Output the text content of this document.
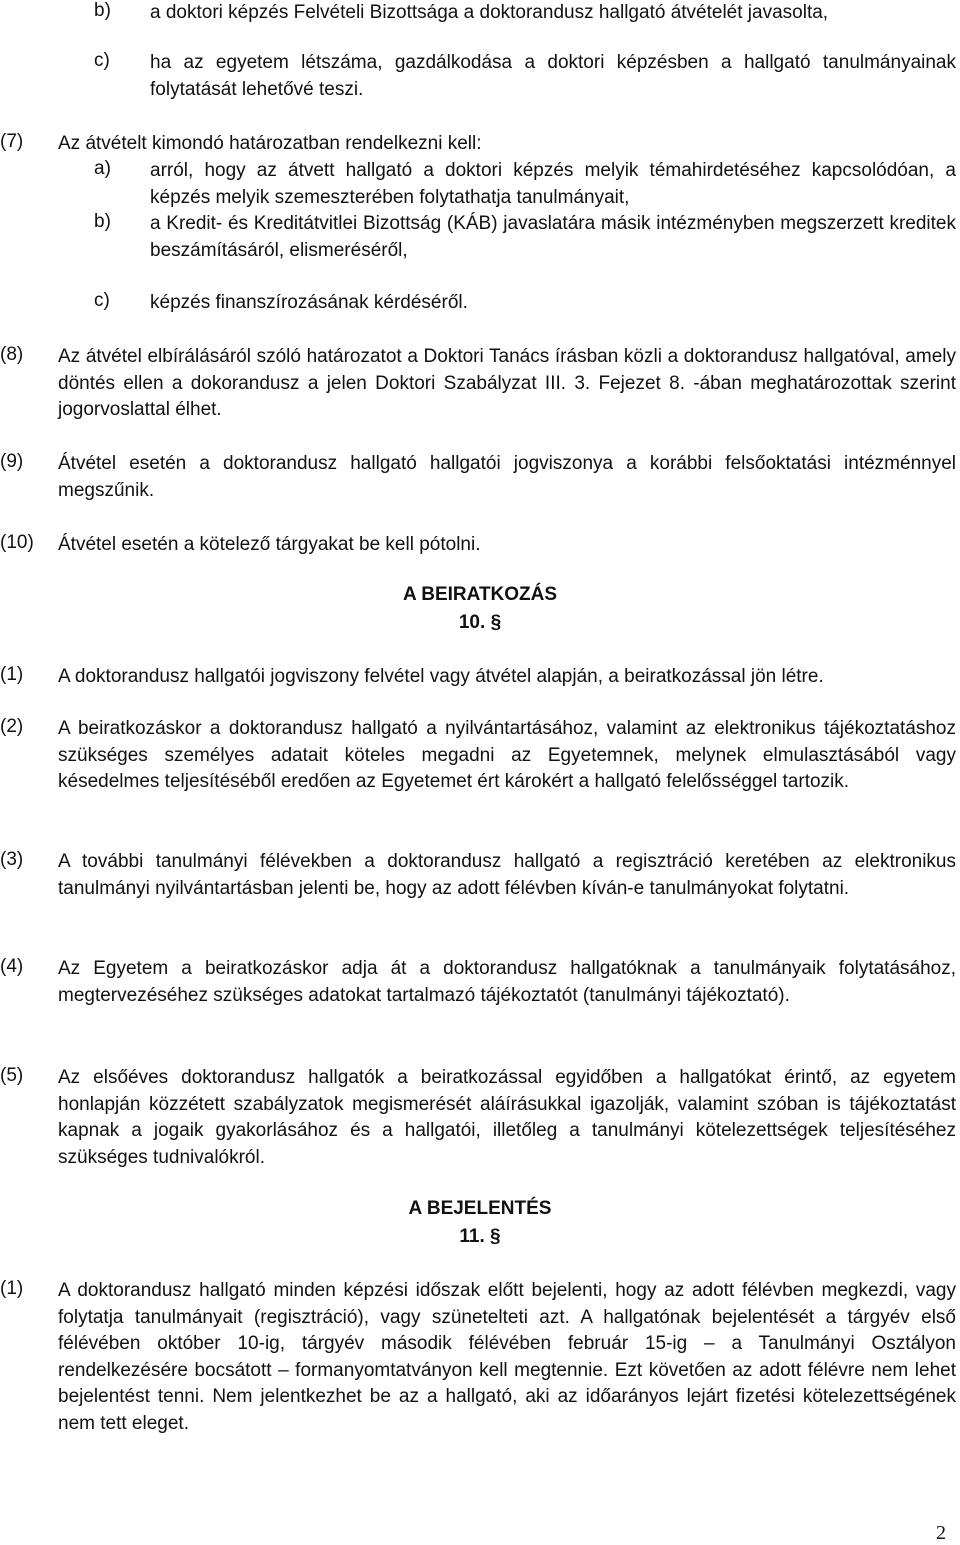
b) a doktori képzés Felvételi Bizottsága a doktorandusz hallgató átvételét javasolta,
c) ha az egyetem létszáma, gazdálkodása a doktori képzésben a hallgató tanulmányainak folytatását lehetővé teszi.
(7) Az átvételt kimondó határozatban rendelkezni kell:
a) arról, hogy az átvett hallgató a doktori képzés melyik témahirdetéséhez kapcsolódóan, a képzés melyik szemeszterében folytathatja tanulmányait,
b) a Kredit- és Kreditátvitlei Bizottság (KÁB) javaslatára másik intézményben megszerzett kreditek beszámításáról, elismeréséről,
c) képzés finanszírozásának kérdéséről.
(8) Az átvétel elbírálásáról szóló határozatot a Doktori Tanács írásban közli a doktorandusz hallgatóval, amely döntés ellen a dokorandusz a jelen Doktori Szabályzat III. 3. Fejezet 8. -ában meghatározottak szerint jogorvoslattal élhet.
(9) Átvétel esetén a doktorandusz hallgató hallgatói jogviszonya a korábbi felsőoktatási intézménnyel megszűnik.
(10) Átvétel esetén a kötelező tárgyakat be kell pótolni.
A BEIRATKOZÁS
10. §
(1) A doktorandusz hallgatói jogviszony felvétel vagy átvétel alapján, a beiratkozással jön létre.
(2) A beiratkozáskor a doktorandusz hallgató a nyilvántartásához, valamint az elektronikus tájékoztatáshoz szükséges személyes adatait köteles megadni az Egyetemnek, melynek elmulasztásából vagy késedelmes teljesítéséből eredően az Egyetemet ért károkért a hallgató felelősséggel tartozik.
(3) A további tanulmányi félévekben a doktorandusz hallgató a regisztráció keretében az elektronikus tanulmányi nyilvántartásban jelenti be, hogy az adott félévben kíván-e tanulmányokat folytatni.
(4) Az Egyetem a beiratkozáskor adja át a doktorandusz hallgatóknak a tanulmányaik folytatásához, megtervezéséhez szükséges adatokat tartalmazó tájékoztatót (tanulmányi tájékoztató).
(5) Az elsőéves doktorandusz hallgatók a beiratkozással egyidőben a hallgatókat érintő, az egyetem honlapján közzétett szabályzatok megismerését aláírásukkal igazolják, valamint szóban is tájékoztatást kapnak a jogaik gyakorlásához és a hallgatói, illetőleg a tanulmányi kötelezettségek teljesítéséhez szükséges tudnivalókról.
A BEJELENTÉS
11. §
(1) A doktorandusz hallgató minden képzési időszak előtt bejelenti, hogy az adott félévben megkezdi, vagy folytatja tanulmányait (regisztráció), vagy szünetelteti azt. A hallgatónak bejelentését a tárgyév első félévében október 10-ig, tárgyév második félévében február 15-ig – a Tanulmányi Osztályon rendelkezésére bocsátott – formanyomtatványon kell megtennie. Ezt követően az adott félévre nem lehet bejelentést tenni. Nem jelentkezhet be az a hallgató, aki az időarányos lejárt fizetési kötelezettségének nem tett eleget.
2
